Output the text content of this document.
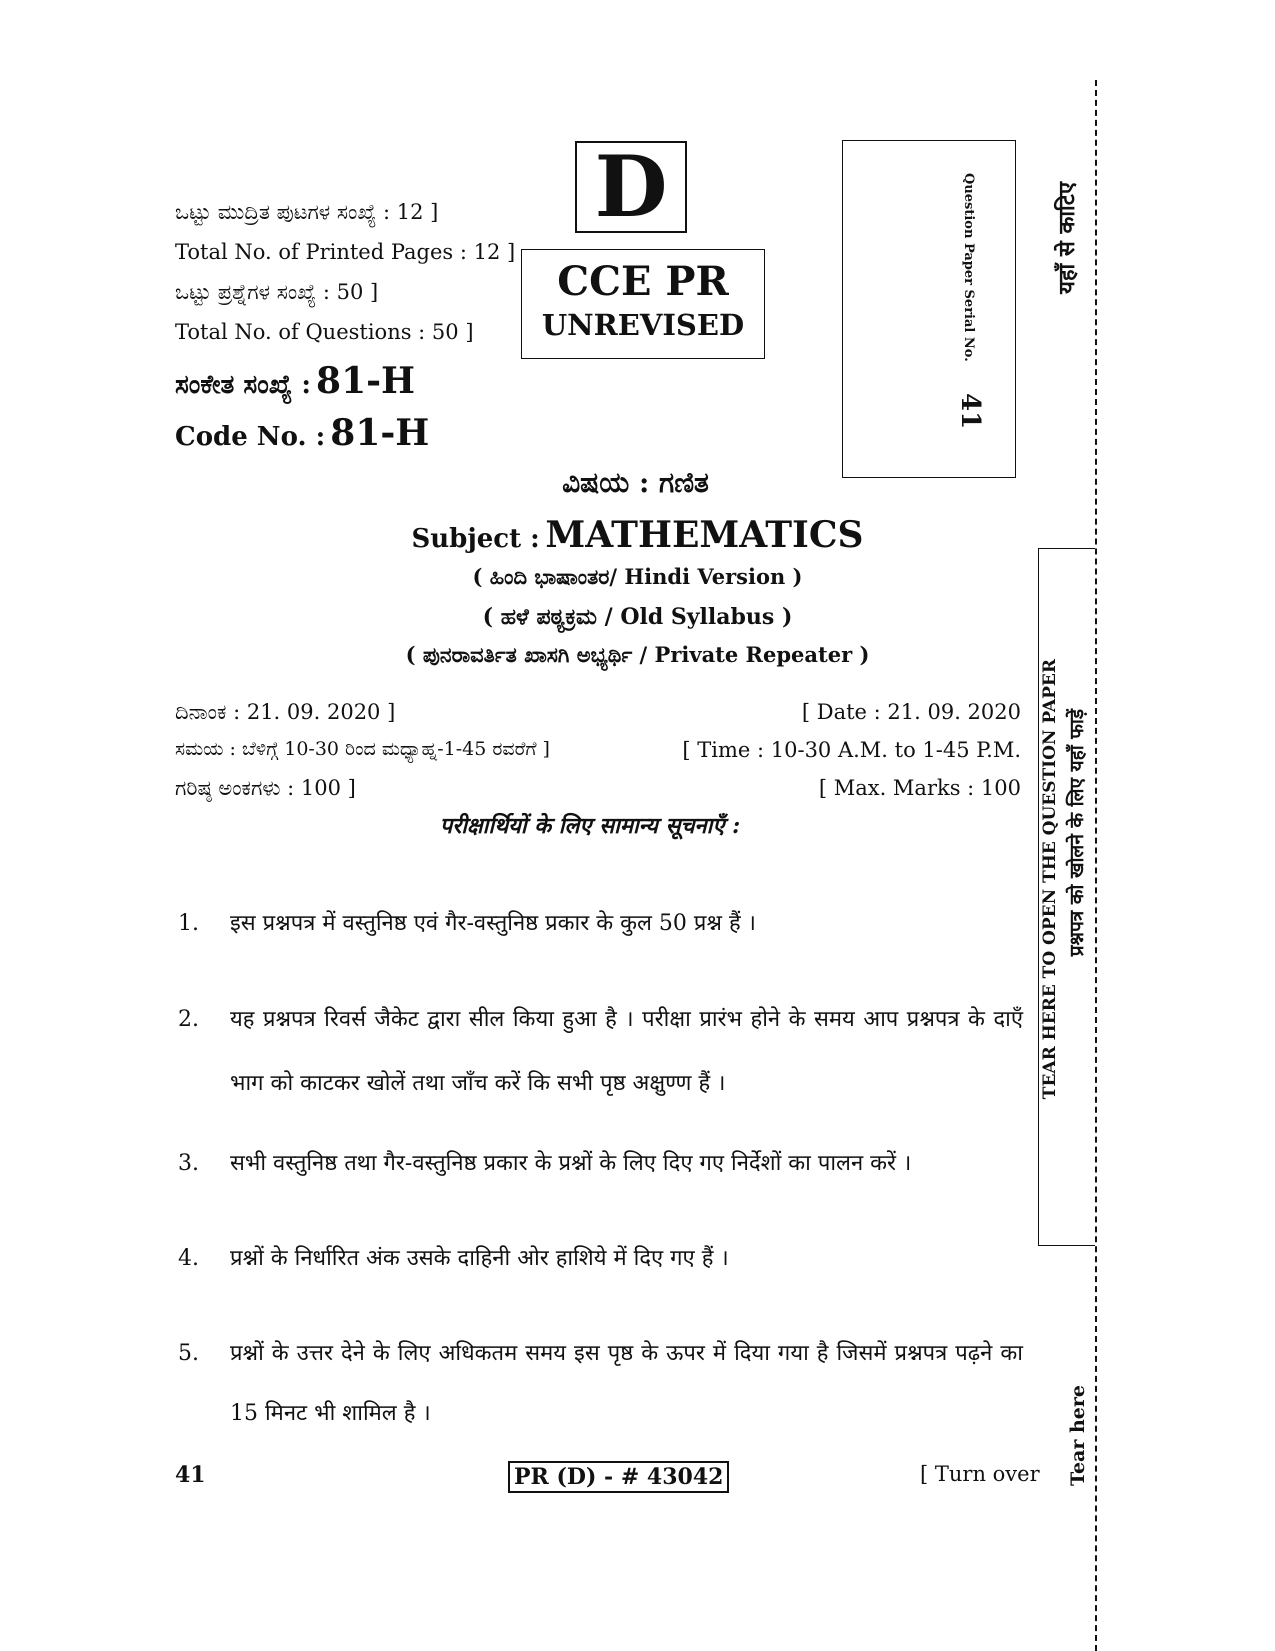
ಒಟ್ಟು ಮುದ್ರಿತ ಪುಟಗಳ ಸಂಖ್ಯೆ : 12 ]
Total No. of Printed Pages : 12 ]
ಒಟ್ಟು ಪ್ರಶ್ನೆಗಳ ಸಂಖ್ಯೆ : 50 ]
Total No. of Questions : 50 ]
ಸಂಕೇತ ಸಂಖ್ಯೆ : 81-H
Code No. : 81-H
D
CCE PR
UNREVISED	Question Paper Serial No.
41
ವಿಷಯ : ಗಣಿತ
Subject : MATHEMATICS
( ಹಿಂದಿ ಭಾಷಾಂತರ/ Hindi Version )
( ಹಳೆ ಪಠ್ಯಕ್ರಮ / Old Syllabus )
( ಪುನರಾವರ್ತಿತ ಖಾಸಗಿ ಅಭ್ಯರ್ಥಿ / Private Repeater )
ದಿನಾಂಕ : 21. 09. 2020 ]	[ Date : 21. 09. 2020
ಸಮಯ : ಬೆಳಿಗ್ಗೆ 10-30 ರಿಂದ ಮಧ್ಯಾಹ್ನ-1-45 ರವರೆಗೆ ]	[ Time : 10-30 A.M. to 1-45 P.M.
ಗರಿಷ್ಠ ಅಂಕಗಳು : 100 ]	[ Max. Marks : 100
परीक्षार्थियों के लिए सामान्य सूचनाएँ :
1. इस प्रश्नपत्र में वस्तुनिष्ठ एवं गैर-वस्तुनिष्ठ प्रकार के कुल 50 प्रश्न हैं ।
2. यह प्रश्नपत्र रिवर्स जैकेट द्वारा सील किया हुआ है । परीक्षा प्रारंभ होने के समय आप प्रश्नपत्र के दाएँ भाग को काटकर खोलें तथा जाँच करें कि सभी पृष्ठ अक्षुण्ण हैं ।
3. सभी वस्तुनिष्ठ तथा गैर-वस्तुनिष्ठ प्रकार के प्रश्नों के लिए दिए गए निर्देशों का पालन करें ।
4. प्रश्नों के निर्धारित अंक उसके दाहिनी ओर हाशिये में दिए गए हैं ।
5. प्रश्नों के उत्तर देने के लिए अधिकतम समय इस पृष्ठ के ऊपर में दिया गया है जिसमें प्रश्नपत्र पढ़ने का 15 मिनट भी शामिल है ।
यहाँ से काटिए
TEAR HERE TO OPEN THE QUESTION PAPER प्रश्नपत्र को खोलने के लिए यहाँ फाड़ें
Tear here
41	PR (D) - # 43042	[ Turn over
